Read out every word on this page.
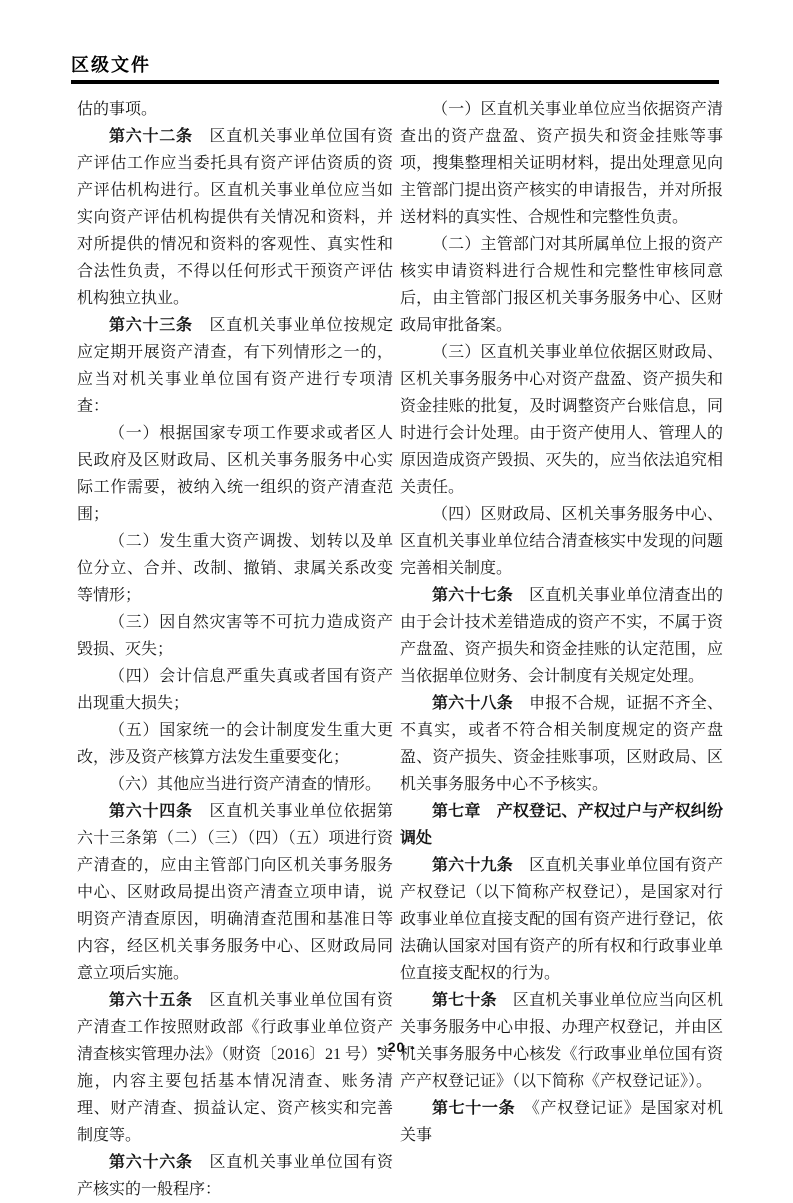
区级文件

估的事项。

第六十二条　 区直机关事业单位国有资产评估工作应当委托具有资产评估资质的资产评估机构进行。区直机关事业单位应当如实向资产评估机构提供有关情况和资料，并对所提供的情况和资料的客观性、真实性和合法性负责，不得以任何形式干预资产评估机构独立执业。

第六十三条　 区直机关事业单位按规定应定期开展资产清查，有下列情形之一的，应当对机关事业单位国有资产进行专项清查：

（一）根据国家专项工作要求或者区人民政府及区财政局、区机关事务服务中心实际工作需要，被纳入统一组织的资产清查范围；

（二）发生重大资产调拨、划转以及单位分立、合并、改制、撤销、隶属关系改变等情形；

（三）因自然灾害等不可抗力造成资产毁损、灭失；

（四）会计信息严重失真或者国有资产出现重大损失；

（五）国家统一的会计制度发生重大更改，涉及资产核算方法发生重要变化；

（六）其他应当进行资产清查的情形。

第六十四条　 区直机关事业单位依据第六十三条第（二）（三）（四）（五）项进行资产清查的，应由主管部门向区机关事务服务中心、区财政局提出资产清查立项申请，说明资产清查原因，明确清查范围和基准日等内容，经区机关事务服务中心、区财政局同意立项后实施。

第六十五条　 区直机关事业单位国有资产清查工作按照财政部《行政事业单位资产清查核实管理办法》（财资〔2016〕21 号）实施，内容主要包括基本情况清查、账务清理、财产清查、损益认定、资产核实和完善制度等。

第六十六条　 区直机关事业单位国有资产核实的一般程序：

（一）区直机关事业单位应当依据资产清查出的资产盘盈、资产损失和资金挂账等事项，搜集整理相关证明材料，提出处理意见向主管部门提出资产核实的申请报告，并对所报送材料的真实性、合规性和完整性负责。

（二）主管部门对其所属单位上报的资产核实申请资料进行合规性和完整性审核同意后，由主管部门报区机关事务服务中心、区财政局审批备案。

（三）区直机关事业单位依据区财政局、区机关事务服务中心对资产盘盈、资产损失和资金挂账的批复，及时调整资产台账信息，同时进行会计处理。由于资产使用人、管理人的原因造成资产毁损、灭失的，应当依法追究相关责任。

（四）区财政局、区机关事务服务中心、区直机关事业单位结合清查核实中发现的问题完善相关制度。

第六十七条　 区直机关事业单位清查出的由于会计技术差错造成的资产不实，不属于资产盘盈、资产损失和资金挂账的认定范围，应当依据单位财务、会计制度有关规定处理。

第六十八条　 申报不合规，证据不齐全、不真实，或者不符合相关制度规定的资产盘盈、资产损失、资金挂账事项，区财政局、区机关事务服务中心不予核实。

第七章　 产权登记、产权过户与产权纠纷调处

第六十九条　 区直机关事业单位国有资产产权登记（以下简称产权登记），是国家对行政事业单位直接支配的国有资产进行登记，依法确认国家对国有资产的所有权和行政事业单位直接支配权的行为。

第七十条　 区直机关事业单位应当向区机关事务服务中心申报、办理产权登记，并由区机关事务服务中心核发《行政事业单位国有资产产权登记证》（以下简称《产权登记证》）。

第七十一条　 《产权登记证》是国家对机关事

- 20 -
